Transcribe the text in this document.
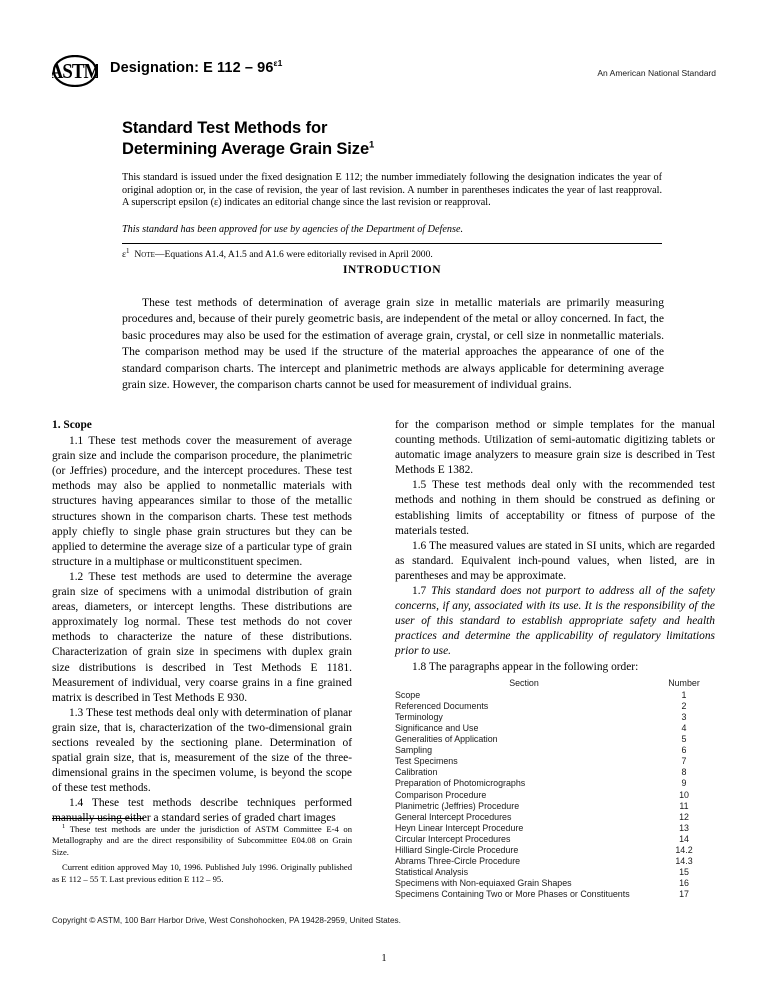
ASTM Designation: E $112 - 96^{\varepsilon 1}$
An American National Standard
Standard Test Methods for
Determining Average Grain Size$^1$

This standard is issued under the fixed designation E 112; the number immediately following the designation indicates the year of original adoption or, in the case of revision, the year of last revision. A number in parentheses indicates the year of last reapproval. A superscript epsilon (ε) indicates an editorial change since the last revision or reapproval.

This standard has been approved for use by agencies of the Department of Defense.

$\varepsilon^1$ Note—Equations A1.4, A1.5 and A1.6 were editorially revised in April 2000.

INTRODUCTION
These test methods of determination of average grain size in metallic materials are primarily measuring procedures and, because of their purely geometric basis, are independent of the metal or alloy concerned. In fact, the basic procedures may also be used for the estimation of average grain, crystal, or cell size in nonmetallic materials. The comparison method may be used if the structure of the material approaches the appearance of one of the standard comparison charts. The intercept and planimetric methods are always applicable for determining average grain size. However, the comparison charts cannot be used for measurement of individual grains.
1. Scope

1.1 These test methods cover the measurement of average grain size and include the comparison procedure, the planimetric (or Jeffries) procedure, and the intercept procedures. These test methods may also be applied to nonmetallic materials with structures having appearances similar to those of the metallic structures shown in the comparison charts. These test methods apply chiefly to single phase grain structures but they can be applied to determine the average size of a particular type of grain structure in a multiphase or multiconstituent specimen.

1.2 These test methods are used to determine the average grain size of specimens with a unimodal distribution of grain areas, diameters, or intercept lengths. These distributions are approximately log normal. These test methods do not cover methods to characterize the nature of these distributions. Characterization of grain size in specimens with duplex grain size distributions is described in Test Methods E 1181. Measurement of individual, very coarse grains in a fine grained matrix is described in Test Methods E 930.

1.3 These test methods deal only with determination of planar grain size, that is, characterization of the two-dimensional grain sections revealed by the sectioning plane. Determination of spatial grain size, that is, measurement of the size of the three-dimensional grains in the specimen volume, is beyond the scope of these test methods.

1.4 These test methods describe techniques performed manually using either a standard series of graded chart images

for the comparison method or simple templates for the manual counting methods. Utilization of semi-automatic digitizing tablets or automatic image analyzers to measure grain size is described in Test Methods E 1382.

1.5 These test methods deal only with the recommended test methods and nothing in them should be construed as defining or establishing limits of acceptability or fitness of purpose of the materials tested.

1.6 The measured values are stated in SI units, which are regarded as standard. Equivalent inch-pound values, when listed, are in parentheses and may be approximate.

1.7 This standard does not purport to address all of the safety concerns, if any, associated with its use. It is the responsibility of the user of this standard to establish appropriate safety and health practices and determine the applicability of regulatory limitations prior to use.

1.8 The paragraphs appear in the following order:

Section	Number
Scope	1
Referenced Documents	2
Terminology	3
Significance and Use	4
Generalities of Application	5
Sampling	6
Test Specimens	7
Calibration	8
Preparation of Photomicrographs	9
Comparison Procedure	10
Planimetric (Jeffries) Procedure	11
General Intercept Procedures	12
Heyn Linear Intercept Procedure	13
Circular Intercept Procedures	14
Hilliard Single-Circle Procedure	14.2
Abrams Three-Circle Procedure	14.3
Statistical Analysis	15
Specimens with Non-equiaxed Grain Shapes	16
Specimens Containing Two or More Phases or Constituents	17

$^1$ These test methods are under the jurisdiction of ASTM Committee E-4 on Metallography and are the direct responsibility of Subcommittee E04.08 on Grain Size.

Current edition approved May 10, 1996. Published July 1996. Originally published as E 112 – 55 T. Last previous edition E 112 – 95.

Copyright © ASTM, 100 Barr Harbor Drive, West Conshohocken, PA 19428-2959, United States.
1
